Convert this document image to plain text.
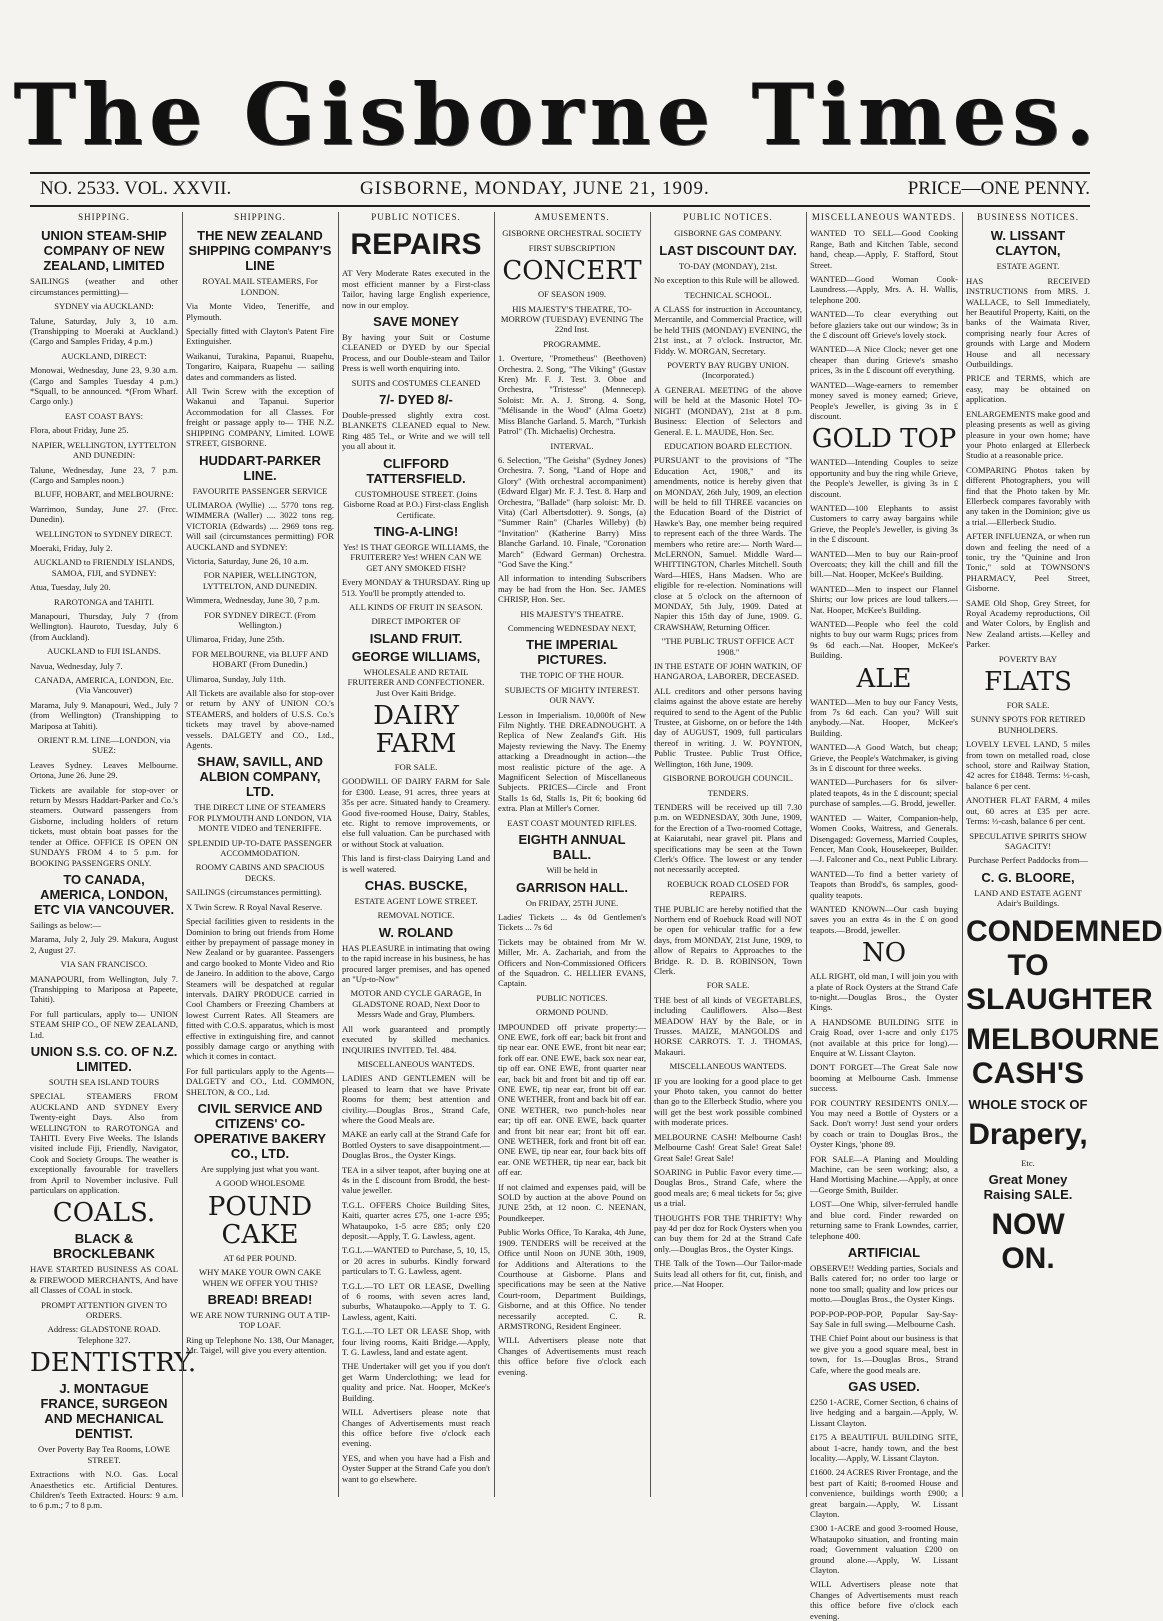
The Gisborne Times.
NO. 2533. VOL. XXVII.	GISBORNE, MONDAY, JUNE 21, 1909.	PRICE—ONE PENNY.
SHIPPING.

UNION STEAM-SHIP COMPANY OF NEW ZEALAND, LIMITED

SAILINGS (weather and other circumstances permitting)—

SYDNEY via AUCKLAND:

Talune, Saturday, July 3, 10 a.m. (Transhipping to Moeraki at Auckland.) (Cargo and Samples Friday, 4 p.m.)

AUCKLAND, DIRECT:

Monowai, Wednesday, June 23, 9.30 a.m. (Cargo and Samples Tuesday 4 p.m.) *Squall, to be announced. *(From Wharf. Cargo only.)

EAST COAST BAYS:

Flora, about Friday, June 25.

NAPIER, WELLINGTON, LYTTELTON AND DUNEDIN:

Talune, Wednesday, June 23, 7 p.m. (Cargo and Samples noon.)

BLUFF, HOBART, and MELBOURNE:

Warrimoo, Sunday, June 27. (Frcc. Dunedin).

WELLINGTON to SYDNEY DIRECT.

Moeraki, Friday, July 2.

AUCKLAND to FRIENDLY ISLANDS, SAMOA, FIJI, and SYDNEY:

Atua, Tuesday, July 20.

RAROTONGA and TAHITI.

Manapouri, Thursday, July 7 (from Wellington). Hauroto, Tuesday, July 6 (from Auckland).

AUCKLAND to FIJI ISLANDS.

Navua, Wednesday, July 7.

CANADA, AMERICA, LONDON, Etc. (Via Vancouver)

Marama, July 9. Manapouri, Wed., July 7 (from Wellington) (Transhipping to Mariposa at Tahiti).

ORIENT R.M. LINE—LONDON, via SUEZ:

Leaves Sydney. Leaves Melbourne. Ortona, June 26. June 29.

Tickets are available for stop-over or return by Messrs Haddart-Parker and Co.'s steamers. Outward passengers from Gisborne, including holders of return tickets, must obtain boat passes for the tender at Office. OFFICE IS OPEN ON SUNDAYS FROM 4 to 5 p.m. for BOOKING PASSENGERS ONLY.

TO CANADA, AMERICA, LONDON, ETC VIA VANCOUVER.

Sailings as below:—

Marama, July 2, July 29. Makura, August 2, August 27.

VIA SAN FRANCISCO.

MANAPOURI, from Wellington, July 7. (Transhipping to Mariposa at Papeete, Tahiti).

For full particulars, apply to— UNION STEAM SHIP CO., OF NEW ZEALAND, Ltd.

UNION S.S. CO. OF N.Z. LIMITED.

SOUTH SEA ISLAND TOURS

SPECIAL STEAMERS FROM AUCKLAND AND SYDNEY Every Twenty-eight Days. Also from WELLINGTON to RAROTONGA and TAHITI. Every Five Weeks. The Islands visited include Fiji, Friendly, Navigator, Cook and Society Groups. The weather is exceptionally favourable for travellers from April to November inclusive. Full particulars on application.

COALS.

BLACK & BROCKLEBANK

HAVE STARTED BUSINESS AS COAL & FIREWOOD MERCHANTS, And have all Classes of COAL in stock.

PROMPT ATTENTION GIVEN TO ORDERS.

Address: GLADSTONE ROAD. Telephone 327.

DENTISTRY.

J. MONTAGUE FRANCE, SURGEON AND MECHANICAL DENTIST.

Over Poverty Bay Tea Rooms, LOWE STREET.

Extractions with N.O. Gas. Local Anaesthetics etc. Artificial Dentures. Children's Teeth Extracted. Hours: 9 a.m. to 6 p.m.; 7 to 8 p.m.

SHIPPING.

THE NEW ZEALAND SHIPPING COMPANY'S LINE

ROYAL MAIL STEAMERS, For LONDON.

Via Monte Video, Teneriffe, and Plymouth.

Specially fitted with Clayton's Patent Fire Extinguisher.

Waikanui, Turakina, Papanui, Ruapehu, Tongariro, Kaipara, Ruapehu — sailing dates and commanders as listed.

All Twin Screw with the exception of Wakanui and Tapanui. Superior Accommodation for all Classes. For freight or passage apply to— THE N.Z. SHIPPING COMPANY, Limited. LOWE STREET, GISBORNE.

HUDDART-PARKER LINE.

FAVOURITE PASSENGER SERVICE

ULIMAROA (Wyllie) .... 5770 tons reg. WIMMERA (Waller) .... 3022 tons reg. VICTORIA (Edwards) .... 2969 tons reg. Will sail (circumstances permitting) FOR AUCKLAND and SYDNEY:

Victoria, Saturday, June 26, 10 a.m.

FOR NAPIER, WELLINGTON, LYTTELTON, AND DUNEDIN.

Wimmera, Wednesday, June 30, 7 p.m.

FOR SYDNEY DIRECT. (From Wellington.)

Ulimaroa, Friday, June 25th.

FOR MELBOURNE, via BLUFF AND HOBART (From Dunedin.)

Ulimaroa, Sunday, July 11th.

All Tickets are available also for stop-over or return by ANY of UNION CO.'s STEAMERS, and holders of U.S.S. Co.'s tickets may travel by above-named vessels. DALGETY and CO., Ltd., Agents.

SHAW, SAVILL, AND ALBION COMPANY, LTD.

THE DIRECT LINE OF STEAMERS FOR PLYMOUTH AND LONDON, VIA MONTE VIDEO and TENERIFFE.

SPLENDID UP-TO-DATE PASSENGER ACCOMMODATION.

ROOMY CABINS AND SPACIOUS DECKS.

SAILINGS (circumstances permitting).

X Twin Screw. R Royal Naval Reserve.

Special facilities given to residents in the Dominion to bring out friends from Home either by prepayment of passage money in New Zealand or by guarantee. Passengers and cargo booked to Monte Video and Rio de Janeiro. In addition to the above, Cargo Steamers will be despatched at regular intervals. DAIRY PRODUCE carried in Cool Chambers or Freezing Chambers at lowest Current Rates. All Steamers are fitted with C.O.S. apparatus, which is most effective in extinguishing fire, and cannot possibly damage cargo or anything with which it comes in contact.

For full particulars apply to the Agents— DALGETY and CO., Ltd. COMMON, SHELTON, & CO., Ltd.

CIVIL SERVICE AND CITIZENS' CO-OPERATIVE BAKERY CO., LTD.

Are supplying just what you want.

A GOOD WHOLESOME

POUND CAKE

AT 6d PER POUND.

WHY MAKE YOUR OWN CAKE WHEN WE OFFER YOU THIS?

BREAD! BREAD!

WE ARE NOW TURNING OUT A TIP-TOP LOAF.

Ring up Telephone No. 138, Our Manager, Mr. Taigel, will give you every attention.

PUBLIC NOTICES.

REPAIRS

AT Very Moderate Rates executed in the most efficient manner by a First-class Tailor, having large English experience, now in our employ.

SAVE MONEY

By having your Suit or Costume CLEANED or DYED by our Special Process, and our Double-steam and Tailor Press is well worth enquiring into.

SUITS and COSTUMES CLEANED

7/- DYED 8/-

Double-pressed slightly extra cost. BLANKETS CLEANED equal to New. Ring 485 Tel., or Write and we will tell you all about it.

CLIFFORD TATTERSFIELD.

CUSTOMHOUSE STREET. (Joins Gisborne Road at P.O.) First-class English Certificate.

TING-A-LING!

Yes! IS THAT GEORGE WILLIAMS, the FRUITERER? Yes! WHEN CAN WE GET ANY SMOKED FISH?

Every MONDAY & THURSDAY. Ring up 513. You'll be promptly attended to.

ALL KINDS OF FRUIT IN SEASON.

DIRECT IMPORTER OF

ISLAND FRUIT.

GEORGE WILLIAMS,

WHOLESALE AND RETAIL FRUITERER AND CONFECTIONER. Just Over Kaiti Bridge.

DAIRY FARM

FOR SALE.

GOODWILL OF DAIRY FARM for Sale for £300. Lease, 91 acres, three years at 35s per acre. Situated handy to Creamery. Good five-roomed House, Dairy, Stables, etc. Right to remove improvements, or else full valuation. Can be purchased with or without Stock at valuation.

This land is first-class Dairying Land and is well watered.

CHAS. BUSCKE,

ESTATE AGENT LOWE STREET.

REMOVAL NOTICE.

W. ROLAND

HAS PLEASURE in intimating that owing to the rapid increase in his business, he has procured larger premises, and has opened an "Up-to-Now"

MOTOR AND CYCLE GARAGE, In GLADSTONE ROAD, Next Door to Messrs Wade and Gray, Plumbers.

All work guaranteed and promptly executed by skilled mechanics. INQUIRIES INVITED. Tel. 484.

MISCELLANEOUS WANTEDS.

LADIES AND GENTLEMEN will be pleased to learn that we have Private Rooms for them; best attention and civility.—Douglas Bros., Strand Cafe, where the Good Meals are.

MAKE an early call at the Strand Cafe for Bottled Oysters to save disappointment.—Douglas Bros., the Oyster Kings.

TEA in a silver teapot, after buying one at 4s in the £ discount from Brodd, the best-value jeweller.

T.G.L. OFFERS Choice Building Sites, Kaiti, quarter acres £75, one 1-acre £95; Whataupoko, 1-5 acre £85; only £20 deposit.—Apply, T. G. Lawless, agent.

T.G.L.—WANTED to Purchase, 5, 10, 15, or 20 acres in suburbs. Kindly forward particulars to T. G. Lawless, agent.

T.G.L.—TO LET OR LEASE, Dwelling of 6 rooms, with seven acres land, suburbs, Whataupoko.—Apply to T. G. Lawless, agent, Kaiti.

T.G.L.—TO LET OR LEASE Shop, with four living rooms, Kaiti Bridge.—Apply, T. G. Lawless, land and estate agent.

THE Undertaker will get you if you don't get Warm Underclothing; we lead for quality and price. Nat. Hooper, McKee's Building.

WILL Advertisers please note that Changes of Advertisements must reach this office before five o'clock each evening.

YES, and when you have had a Fish and Oyster Supper at the Strand Cafe you don't want to go elsewhere.

AMUSEMENTS.

GISBORNE ORCHESTRAL SOCIETY

FIRST SUBSCRIPTION

CONCERT

OF SEASON 1909.

HIS MAJESTY'S THEATRE, TO-MORROW (TUESDAY) EVENING The 22nd Inst.

PROGRAMME.

1. Overture, "Prometheus" (Beethoven) Orchestra. 2. Song, "The Viking" (Gustav Kren) Mr. F. J. Test. 3. Oboe and Orchestra, "Tristesse" (Mennecep). Soloist: Mr. A. J. Strong. 4. Song, "Mélisande in the Wood" (Alma Goetz) Miss Blanche Garland. 5. March, "Turkish Patrol" (Th. Michaelis) Orchestra.

INTERVAL.

6. Selection, "The Geisha" (Sydney Jones) Orchestra. 7. Song, "Land of Hope and Glory" (With orchestral accompaniment) (Edward Elgar) Mr. F. J. Test. 8. Harp and Orchestra, "Ballade" (harp soloist: Mr. D. Vita) (Carl Albertsdotter). 9. Songs, (a) "Summer Rain" (Charles Willeby) (b) "Invitation" (Katherine Barry) Miss Blanche Garland. 10. Finale, "Coronation March" (Edward German) Orchestra. "God Save the King."

All information to intending Subscribers may be had from the Hon. Sec. JAMES CHRISP, Hon. Sec.

HIS MAJESTY'S THEATRE.

Commencing WEDNESDAY NEXT,

THE IMPERIAL PICTURES.

THE TOPIC OF THE HOUR.

SUBJECTS OF MIGHTY INTEREST. OUR NAVY.

Lesson in Imperialism. 10,000ft of New Film Nightly. THE DREADNOUGHT. A Replica of New Zealand's Gift. His Majesty reviewing the Navy. The Enemy attacking a Dreadnought in action—the most realistic picture of the age. A Magnificent Selection of Miscellaneous Subjects. PRICES—Circle and Front Stalls 1s 6d, Stalls 1s, Pit 6; booking 6d extra. Plan at Miller's Corner.

EAST COAST MOUNTED RIFLES.

EIGHTH ANNUAL BALL.

Will be held in

GARRISON HALL.

On FRIDAY, 25TH JUNE.

Ladies' Tickets ... 4s 0d Gentlemen's Tickets ... 7s 6d

Tickets may be obtained from Mr W. Miller, Mr. A. Zachariah, and from the Officers and Non-Commissioned Officers of the Squadron. C. HELLIER EVANS, Captain.

PUBLIC NOTICES.

ORMOND POUND.

IMPOUNDED off private property:— ONE EWE, fork off ear; back bit front and tip near ear. ONE EWE, front bit near ear; fork off ear. ONE EWE, back sox near ear, tip off ear. ONE EWE, front quarter near ear, back bit and front bit and tip off ear. ONE EWE, tip near ear, front bit off ear. ONE WETHER, front and back bit off ear. ONE WETHER, two punch-holes near ear; tip off ear. ONE EWE, back quarter and front bit near ear; front bit off ear. ONE WETHER, fork and front bit off ear. ONE EWE, tip near ear, four back bits off ear. ONE WETHER, tip near ear, back bit off ear.

If not claimed and expenses paid, will be SOLD by auction at the above Pound on JUNE 25th, at 12 noon. C. NEENAN, Poundkeeper.

Public Works Office, To Karaka, 4th June, 1909. TENDERS will be received at the Office until Noon on JUNE 30th, 1909, for Additions and Alterations to the Courthouse at Gisborne. Plans and specifications may be seen at the Native Court-room, Department Buildings, Gisborne, and at this Office. No tender necessarily accepted. C. R. ARMSTRONG, Resident Engineer.

WILL Advertisers please note that Changes of Advertisements must reach this office before five o'clock each evening.

PUBLIC NOTICES.

GISBORNE GAS COMPANY.

LAST DISCOUNT DAY.

TO-DAY (MONDAY), 21st.

No exception to this Rule will be allowed.

TECHNICAL SCHOOL.

A CLASS for instruction in Accountancy, Mercantile, and Commercial Practice, will be held THIS (MONDAY) EVENING, the 21st inst., at 7 o'clock. Instructor, Mr. Fiddy. W. MORGAN, Secretary.

POVERTY BAY RUGBY UNION. (Incorporated.)

A GENERAL MEETING of the above will be held at the Masonic Hotel TO-NIGHT (MONDAY), 21st at 8 p.m. Business: Election of Selectors and General. E. L. MAUDE, Hon. Sec.

EDUCATION BOARD ELECTION.

PURSUANT to the provisions of "The Education Act, 1908," and its amendments, notice is hereby given that on MONDAY, 26th July, 1909, an election will be held to fill THREE vacancies on the Education Board of the District of Hawke's Bay, one member being required to represent each of the three Wards. The members who retire are:— North Ward—McLERNON, Samuel. Middle Ward—WHITTINGTON, Charles Mitchell. South Ward—HIES, Hans Madsen. Who are eligible for re-election. Nominations will close at 5 o'clock on the afternoon of MONDAY, 5th July, 1909. Dated at Napier this 15th day of June, 1909. G. CRAWSHAW, Returning Officer.

"THE PUBLIC TRUST OFFICE ACT 1908."

IN THE ESTATE OF JOHN WATKIN, OF HANGAROA, LABORER, DECEASED.

ALL creditors and other persons having claims against the above estate are hereby required to send to the Agent of the Public Trustee, at Gisborne, on or before the 14th day of AUGUST, 1909, full particulars thereof in writing. J. W. POYNTON, Public Trustee. Public Trust Office, Wellington, 16th June, 1909.

GISBORNE BOROUGH COUNCIL.

TENDERS.

TENDERS will be received up till 7.30 p.m. on WEDNESDAY, 30th June, 1909, for the Erection of a Two-roomed Cottage, at Kaiarutahi, near gravel pit. Plans and specifications may be seen at the Town Clerk's Office. The lowest or any tender not necessarily accepted.

ROEBUCK ROAD CLOSED FOR REPAIRS.

THE PUBLIC are hereby notified that the Northern end of Roebuck Road will NOT be open for vehicular traffic for a few days, from MONDAY, 21st June, 1909, to allow of Repairs to Approaches to the Bridge. R. D. B. ROBINSON, Town Clerk.

FOR SALE.

THE best of all kinds of VEGETABLES, including Cauliflowers. Also—Best MEADOW HAY by the Bale, or in Trusses. MAIZE, MANGOLDS and HORSE CARROTS. T. J. THOMAS, Makauri.

MISCELLANEOUS WANTEDS.

IF you are looking for a good place to get your Photo taken, you cannot do better than go to the Ellerbeck Studio, where you will get the best work possible combined with moderate prices.

MELBOURNE CASH! Melbourne Cash! Melbourne Cash! Great Sale! Great Sale! Great Sale! Great Sale!

SOARING in Public Favor every time.—Douglas Bros., Strand Cafe, where the good meals are; 6 meal tickets for 5s; give us a trial.

THOUGHTS FOR THE THRIFTY! Why pay 4d per doz for Rock Oysters when you can buy them for 2d at the Strand Cafe only.—Douglas Bros., the Oyster Kings.

THE Talk of the Town—Our Tailor-made Suits lead all others for fit, cut, finish, and price.—Nat Hooper.

MISCELLANEOUS WANTEDS.

WANTED TO SELL—Good Cooking Range, Bath and Kitchen Table, second hand, cheap.—Apply, F. Stafford, Stout Street.

WANTED—Good Woman Cook-Laundress.—Apply, Mrs. A. H. Wallis, telephone 200.

WANTED—To clear everything out before glaziers take out our window; 3s in the £ discount off Grieve's lovely stock.

WANTED—A Nice Clock; never get one cheaper than during Grieve's smasho prices, 3s in the £ discount off everything.

WANTED—Wage-earners to remember money saved is money earned; Grieve, People's Jeweller, is giving 3s in £ discount.

GOLD TOP

WANTED—Intending Couples to seize opportunity and buy the ring while Grieve, the People's Jeweller, is giving 3s in £ discount.

WANTED—100 Elephants to assist Customers to carry away bargains while Grieve, the People's Jeweller, is giving 3s in the £ discount.

WANTED—Men to buy our Rain-proof Overcoats; they kill the chill and fill the bill.—Nat. Hooper, McKee's Building.

WANTED—Men to inspect our Flannel Shirts; our low prices are loud talkers.—Nat. Hooper, McKee's Building.

WANTED—People who feel the cold nights to buy our warm Rugs; prices from 9s 6d each.—Nat. Hooper, McKee's Building.

ALE

WANTED—Men to buy our Fancy Vests, from 7s 6d each. Can you? Will suit anybody.—Nat. Hooper, McKee's Building.

WANTED—A Good Watch, but cheap; Grieve, the People's Watchmaker, is giving 3s in £ discount for three weeks.

WANTED—Purchasers for 6s silver-plated teapots, 4s in the £ discount; special purchase of samples.—G. Brodd, jeweller.

WANTED — Waiter, Companion-help, Women Cooks, Waitress, and Generals. Disengaged: Governess, Married Couples, Fencer, Man Cook, Housekeeper, Builder.—J. Falconer and Co., next Public Library.

WANTED—To find a better variety of Teapots than Brodd's, 6s samples, good-quality teapots.

WANTED KNOWN—Our cash buying saves you an extra 4s in the £ on good teapots.—Brodd, jeweller.

NO

ALL RIGHT, old man, I will join you with a plate of Rock Oysters at the Strand Cafe to-night.—Douglas Bros., the Oyster Kings.

A HANDSOME BUILDING SITE in Craig Road, over 1-acre and only £175 (not available at this price for long).—Enquire at W. Lissant Clayton.

DON'T FORGET—The Great Sale now booming at Melbourne Cash. Immense success.

FOR COUNTRY RESIDENTS ONLY.—You may need a Bottle of Oysters or a Sack. Don't worry! Just send your orders by coach or train to Douglas Bros., the Oyster Kings, 'phone 89.

FOR SALE—A Planing and Moulding Machine, can be seen working; also, a Hand Mortising Machine.—Apply, at once—George Smith, Builder.

LOST—One Whip, silver-ferruled handle and blue cord. Finder rewarded on returning same to Frank Lowndes, carrier, telephone 400.

ARTIFICIAL

OBSERVE!! Wedding parties, Socials and Balls catered for; no order too large or none too small; quality and low prices our motto.—Douglas Bros., the Oyster Kings.

POP-POP-POP-POP, Popular Say-Say-Say Sale in full swing.—Melbourne Cash.

THE Chief Point about our business is that we give you a good square meal, best in town, for 1s.—Douglas Bros., Strand Cafe, where the good meals are.

GAS USED.

£250 1-ACRE, Corner Section, 6 chains of live hedging and a bargain.—Apply, W. Lissant Clayton.

£175 A BEAUTIFUL BUILDING SITE, about 1-acre, handy town, and the best locality.—Apply, W. Lissant Clayton.

£1600. 24 ACRES River Frontage, and the best part of Kaiti; 8-roomed House and convenience, buildings worth £900; a great bargain.—Apply, W. Lissant Clayton.

£300 1-ACRE and good 3-roomed House, Whataupoko situation, and fronting main road; Government valuation £200 on ground alone.—Apply, W. Lissant Clayton.

WILL Advertisers please note that Changes of Advertisements must reach this office before five o'clock each evening.

BUSINESS NOTICES.

W. LISSANT CLAYTON,

ESTATE AGENT.

HAS RECEIVED INSTRUCTIONS from MRS. J. WALLACE, to Sell Immediately, her Beautiful Property, Kaiti, on the banks of the Waimata River, comprising nearly four Acres of grounds with Large and Modern House and all necessary Outbuildings.

PRICE and TERMS, which are easy, may be obtained on application.

ENLARGEMENTS make good and pleasing presents as well as giving pleasure in your own home; have your Photo enlarged at Ellerbeck Studio at a reasonable price.

COMPARING Photos taken by different Photographers, you will find that the Photo taken by Mr. Ellerbeck compares favorably with any taken in the Dominion; give us a trial.—Ellerbeck Studio.

AFTER INFLUENZA, or when run down and feeling the need of a tonic, try the "Quinine and Iron Tonic," sold at TOWNSON'S PHARMACY, Peel Street, Gisborne.

SAME Old Shop, Grey Street, for Royal Academy reproductions, Oil and Water Colors, by English and New Zealand artists.—Kelley and Parker.

POVERTY BAY

FLATS

FOR SALE.

SUNNY SPOTS FOR RETIRED BUNHOLDERS.

LOVELY LEVEL LAND, 5 miles from town on metalled road, close school, store and Railway Station, 42 acres for £1848. Terms: ⅓-cash, balance 6 per cent.

ANOTHER FLAT FARM, 4 miles out, 60 acres at £35 per acre. Terms: ⅓-cash, balance 6 per cent.

SPECULATIVE SPIRITS SHOW SAGACITY!

Purchase Perfect Paddocks from—

C. G. BLOORE,

LAND AND ESTATE AGENT Adair's Buildings.

CONDEMNED TO SLAUGHTER

MELBOURNE CASH'S

WHOLE STOCK OF

Drapery,

Etc.

Great Money Raising SALE.

NOW ON.
